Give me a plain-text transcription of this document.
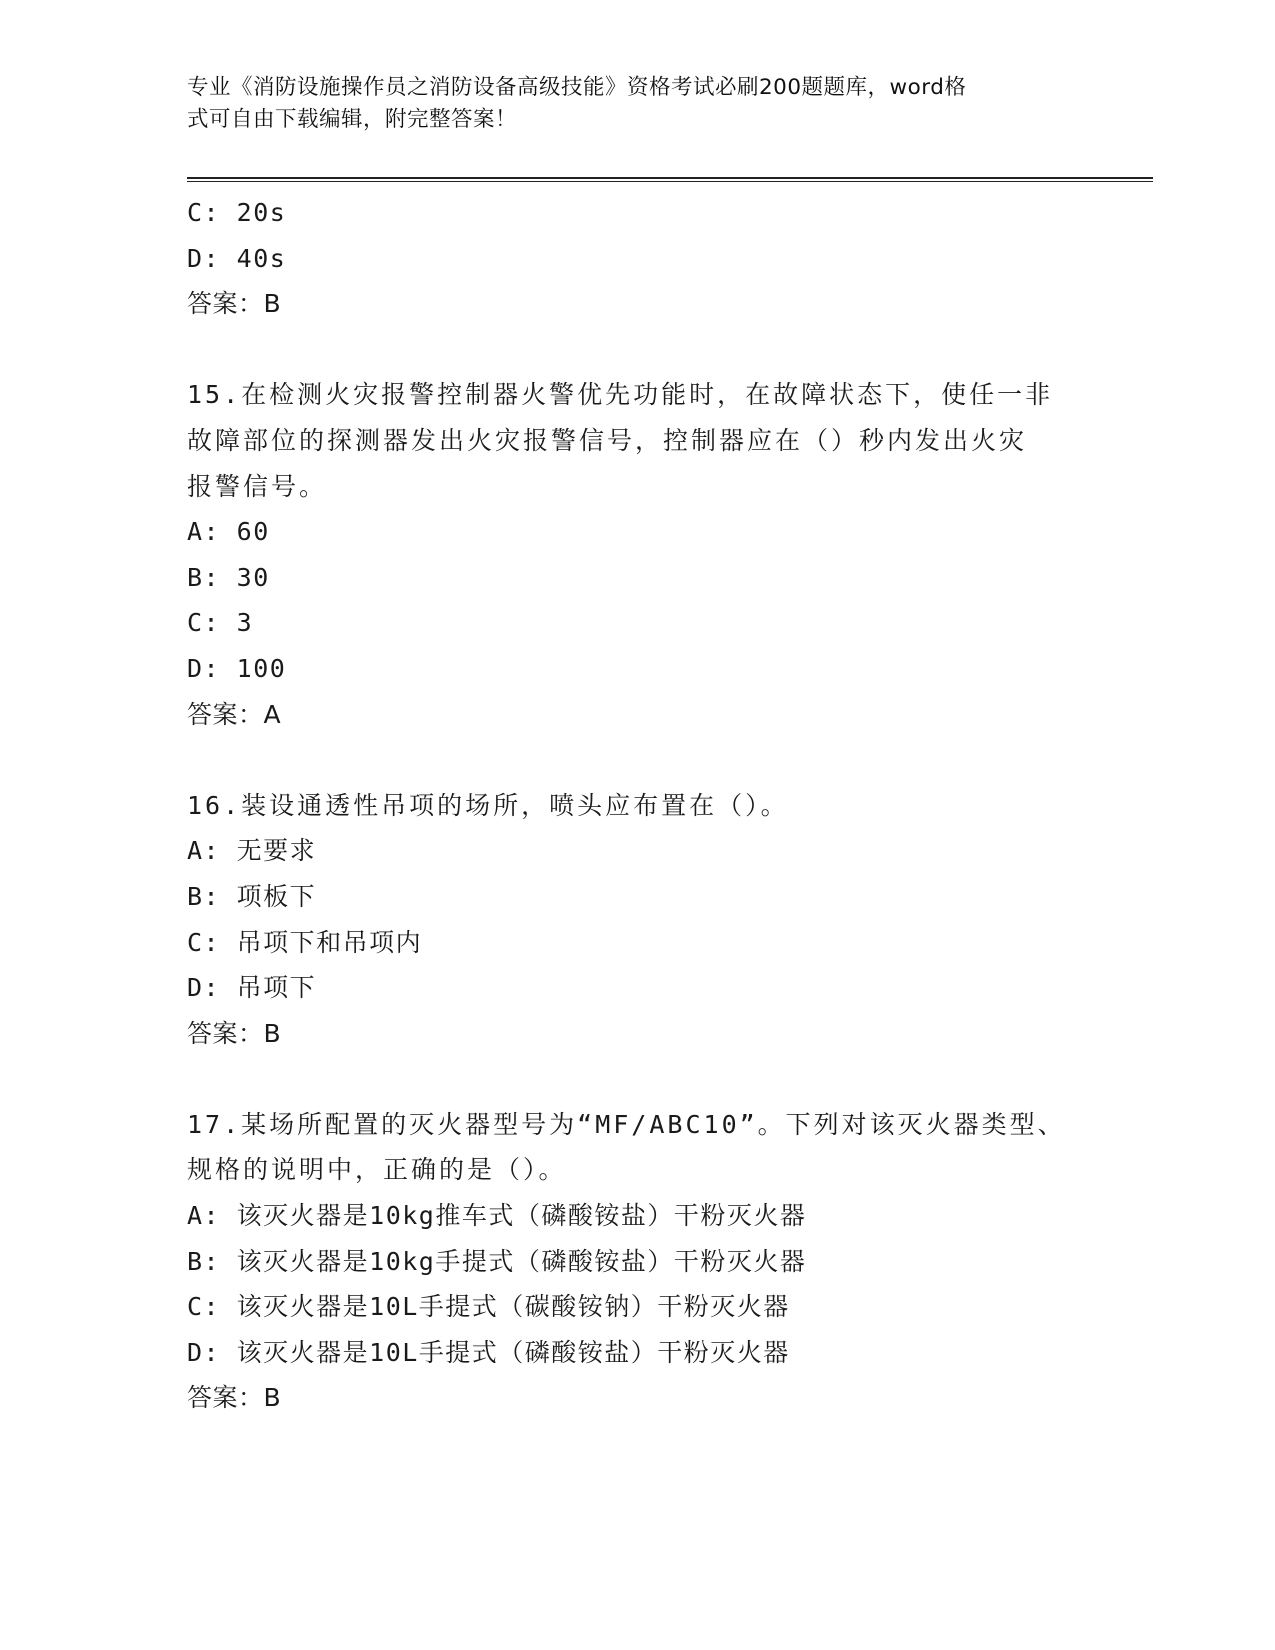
专业《消防设施操作员之消防设备高级技能》资格考试必刷200题题库，word格
式可自由下载编辑，附完整答案！
C: 20s
D: 40s
答案：B
15.在检测火灾报警控制器火警优先功能时，在故障状态下，使任一非
故障部位的探测器发出火灾报警信号，控制器应在（）秒内发出火灾
报警信号。
A: 60
B: 30
C: 3
D: 100
答案：A
16.装设通透性吊项的场所，喷头应布置在（）。
A: 无要求
B: 项板下
C: 吊项下和吊项内
D: 吊项下
答案：B
17.某场所配置的灭火器型号为“MF/ABC10”。下列对该灭火器类型、
规格的说明中，正确的是（）。
A: 该灭火器是10kg推车式（磷酸铵盐）干粉灭火器
B: 该灭火器是10kg手提式（磷酸铵盐）干粉灭火器
C: 该灭火器是10L手提式（碳酸铵钠）干粉灭火器
D: 该灭火器是10L手提式（磷酸铵盐）干粉灭火器
答案：B
